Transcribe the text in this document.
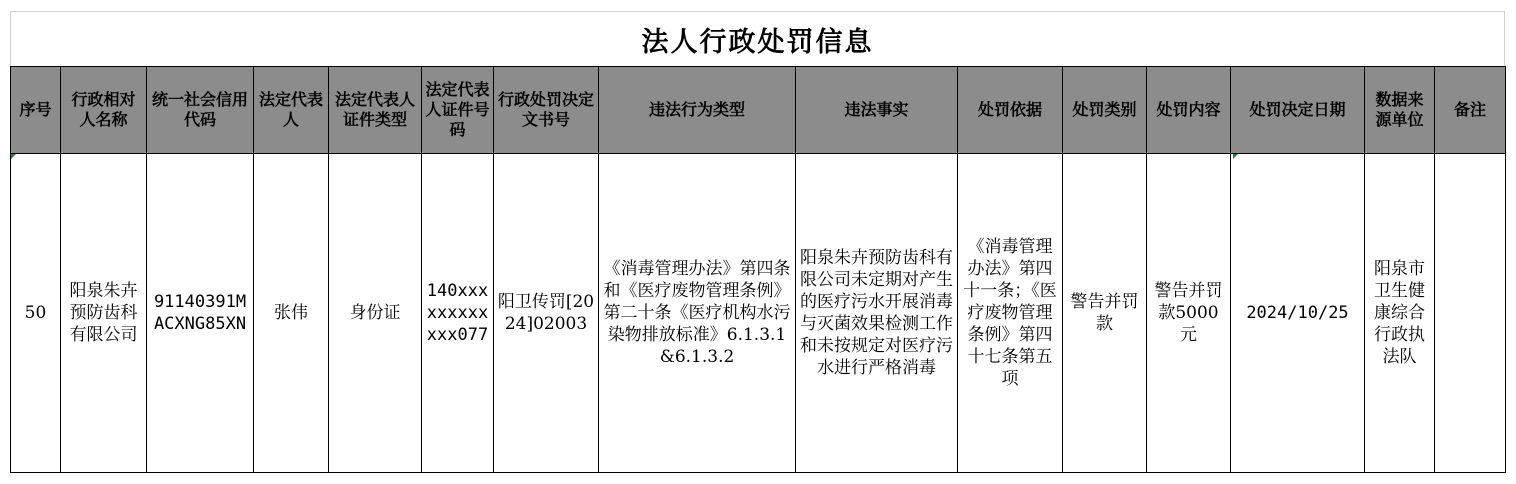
法人行政处罚信息
序号	行政相对人名称	统一社会信用代码	法定代表人	法定代表人证件类型	法定代表人证件号码	行政处罚决定文书号	违法行为类型	违法事实	处罚依据	处罚类别	处罚内容	处罚决定日期	数据来源单位	备注
50	阳泉朱卉预防齿科有限公司	91140391MACXNG85XN	张伟	身份证	140xxxxxxxxxxxx077	阳卫传罚[2024]02003	《消毒管理办法》第四条和《医疗废物管理条例》第二十条《医疗机构水污染物排放标准》6.1.3.1&6.1.3.2	阳泉朱卉预防齿科有限公司未定期对产生的医疗污水开展消毒与灭菌效果检测工作和未按规定对医疗污水进行严格消毒	《消毒管理办法》第四十一条；《医疗废物管理条例》第四十七条第五项	警告并罚款	警告并罚款5000元	2024/10/25	阳泉市卫生健康综合行政执法队	
